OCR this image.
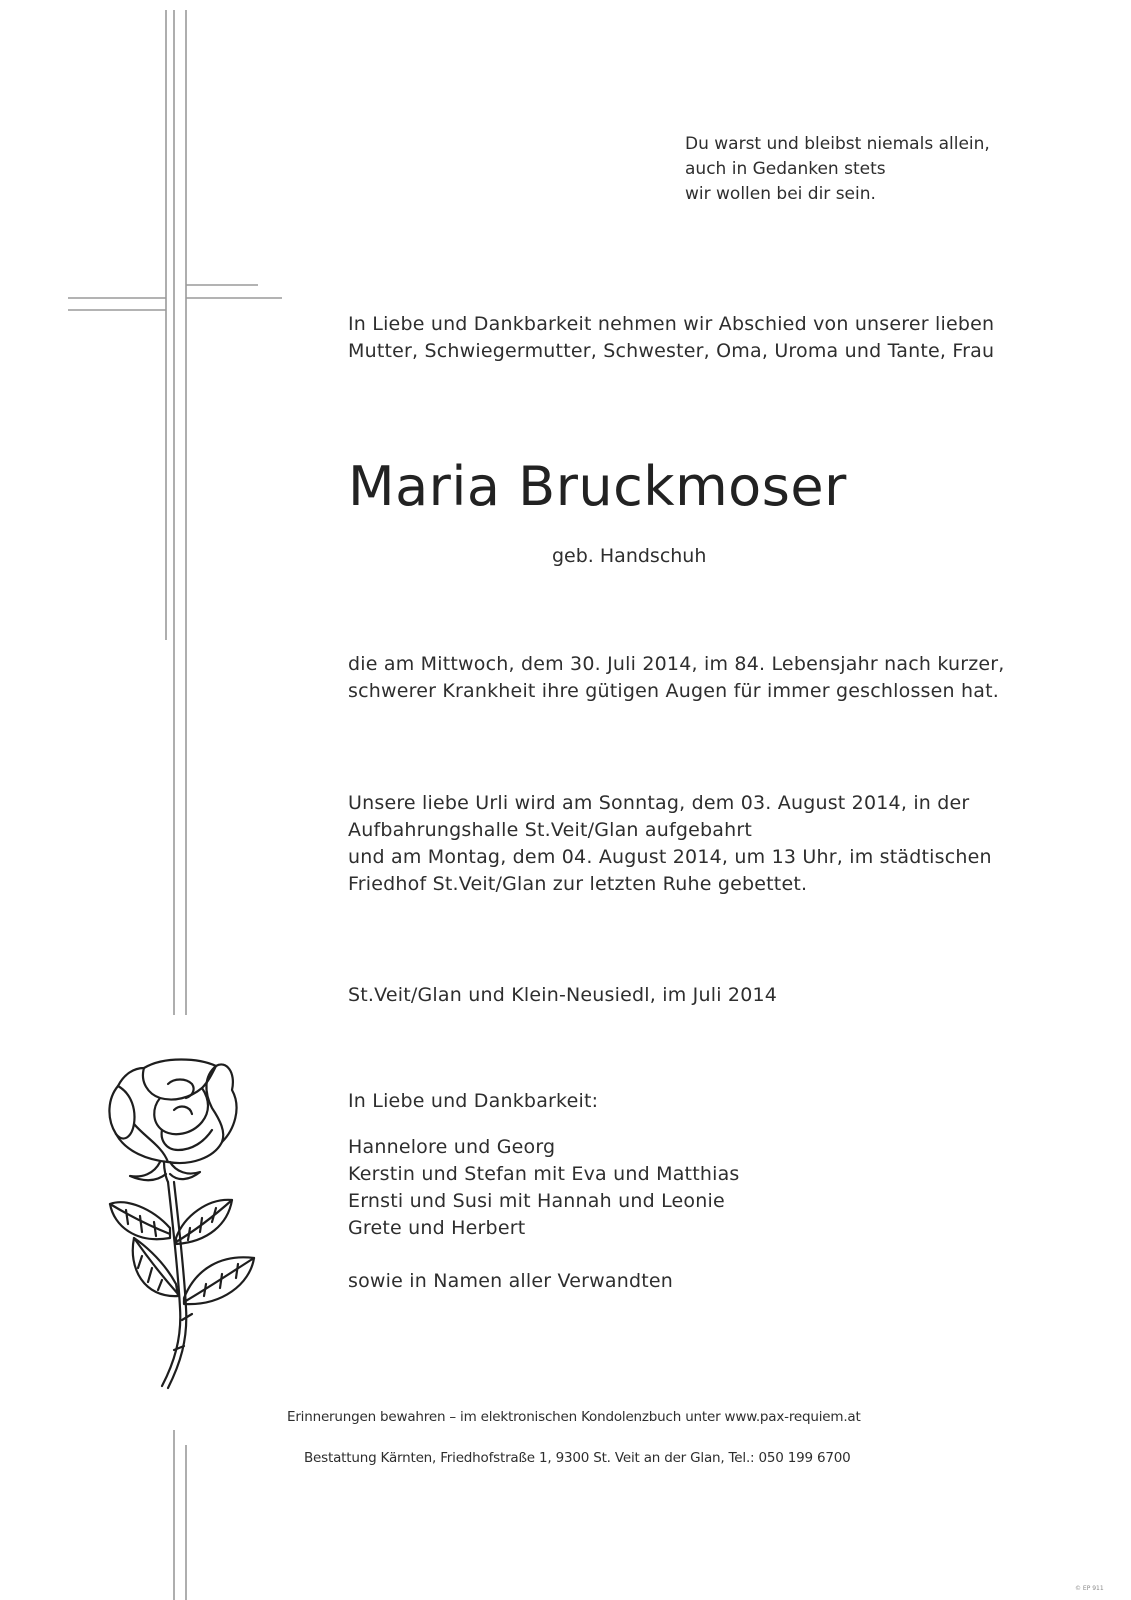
Du warst und bleibst niemals allein,
auch in Gedanken stets
wir wollen bei dir sein.
In Liebe und Dankbarkeit nehmen wir Abschied von unserer lieben
Mutter, Schwiegermutter, Schwester, Oma, Uroma und Tante, Frau
Maria Bruckmoser
geb. Handschuh
die am Mittwoch, dem 30. Juli 2014, im 84. Lebensjahr nach kurzer,
schwerer Krankheit ihre gütigen Augen für immer geschlossen hat.
Unsere liebe Urli wird am Sonntag, dem 03. August 2014, in der
Aufbahrungshalle St.Veit/Glan aufgebahrt
und am Montag, dem 04. August 2014, um 13 Uhr, im städtischen
Friedhof St.Veit/Glan zur letzten Ruhe gebettet.
St.Veit/Glan und Klein-Neusiedl, im Juli 2014
In Liebe und Dankbarkeit:
Hannelore und Georg
Kerstin und Stefan mit Eva und Matthias
Ernsti und Susi mit Hannah und Leonie
Grete und Herbert
sowie in Namen aller Verwandten
Erinnerungen bewahren – im elektronischen Kondolenzbuch unter www.pax-requiem.at
Bestattung Kärnten, Friedhofstraße 1, 9300 St. Veit an der Glan, Tel.: 050 199 6700
© EP 911
